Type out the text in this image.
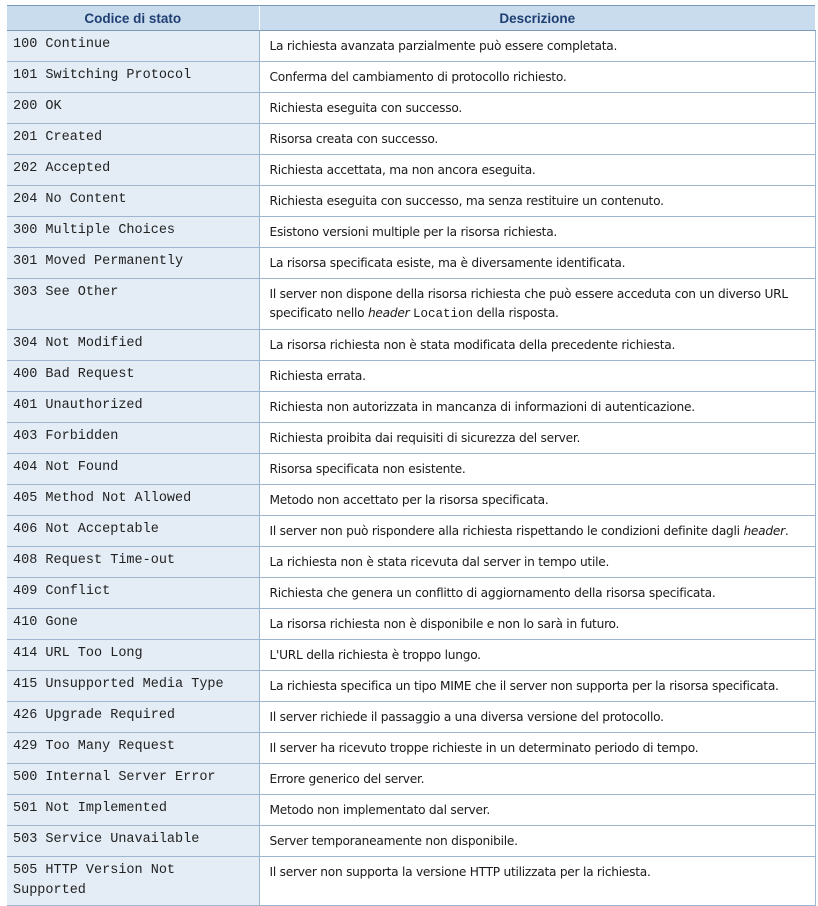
Codice di stato	Descrizione
100 Continue	La richiesta avanzata parzialmente può essere completata.
101 Switching Protocol	Conferma del cambiamento di protocollo richiesto.
200 OK	Richiesta eseguita con successo.
201 Created	Risorsa creata con successo.
202 Accepted	Richiesta accettata, ma non ancora eseguita.
204 No Content	Richiesta eseguita con successo, ma senza restituire un contenuto.
300 Multiple Choices	Esistono versioni multiple per la risorsa richiesta.
301 Moved Permanently	La risorsa specificata esiste, ma è diversamente identificata.
303 See Other	Il server non dispone della risorsa richiesta che può essere acceduta con un diverso URL specificato nello header Location della risposta.
304 Not Modified	La risorsa richiesta non è stata modificata della precedente richiesta.
400 Bad Request	Richiesta errata.
401 Unauthorized	Richiesta non autorizzata in mancanza di informazioni di autenticazione.
403 Forbidden	Richiesta proibita dai requisiti di sicurezza del server.
404 Not Found	Risorsa specificata non esistente.
405 Method Not Allowed	Metodo non accettato per la risorsa specificata.
406 Not Acceptable	Il server non può rispondere alla richiesta rispettando le condizioni definite dagli header.
408 Request Time-out	La richiesta non è stata ricevuta dal server in tempo utile.
409 Conflict	Richiesta che genera un conflitto di aggiornamento della risorsa specificata.
410 Gone	La risorsa richiesta non è disponibile e non lo sarà in futuro.
414 URL Too Long	L'URL della richiesta è troppo lungo.
415 Unsupported Media Type	La richiesta specifica un tipo MIME che il server non supporta per la risorsa specificata.
426 Upgrade Required	Il server richiede il passaggio a una diversa versione del protocollo.
429 Too Many Request	Il server ha ricevuto troppe richieste in un determinato periodo di tempo.
500 Internal Server Error	Errore generico del server.
501 Not Implemented	Metodo non implementato dal server.
503 Service Unavailable	Server temporaneamente non disponibile.
505 HTTP Version Not Supported	Il server non supporta la versione HTTP utilizzata per la richiesta.
